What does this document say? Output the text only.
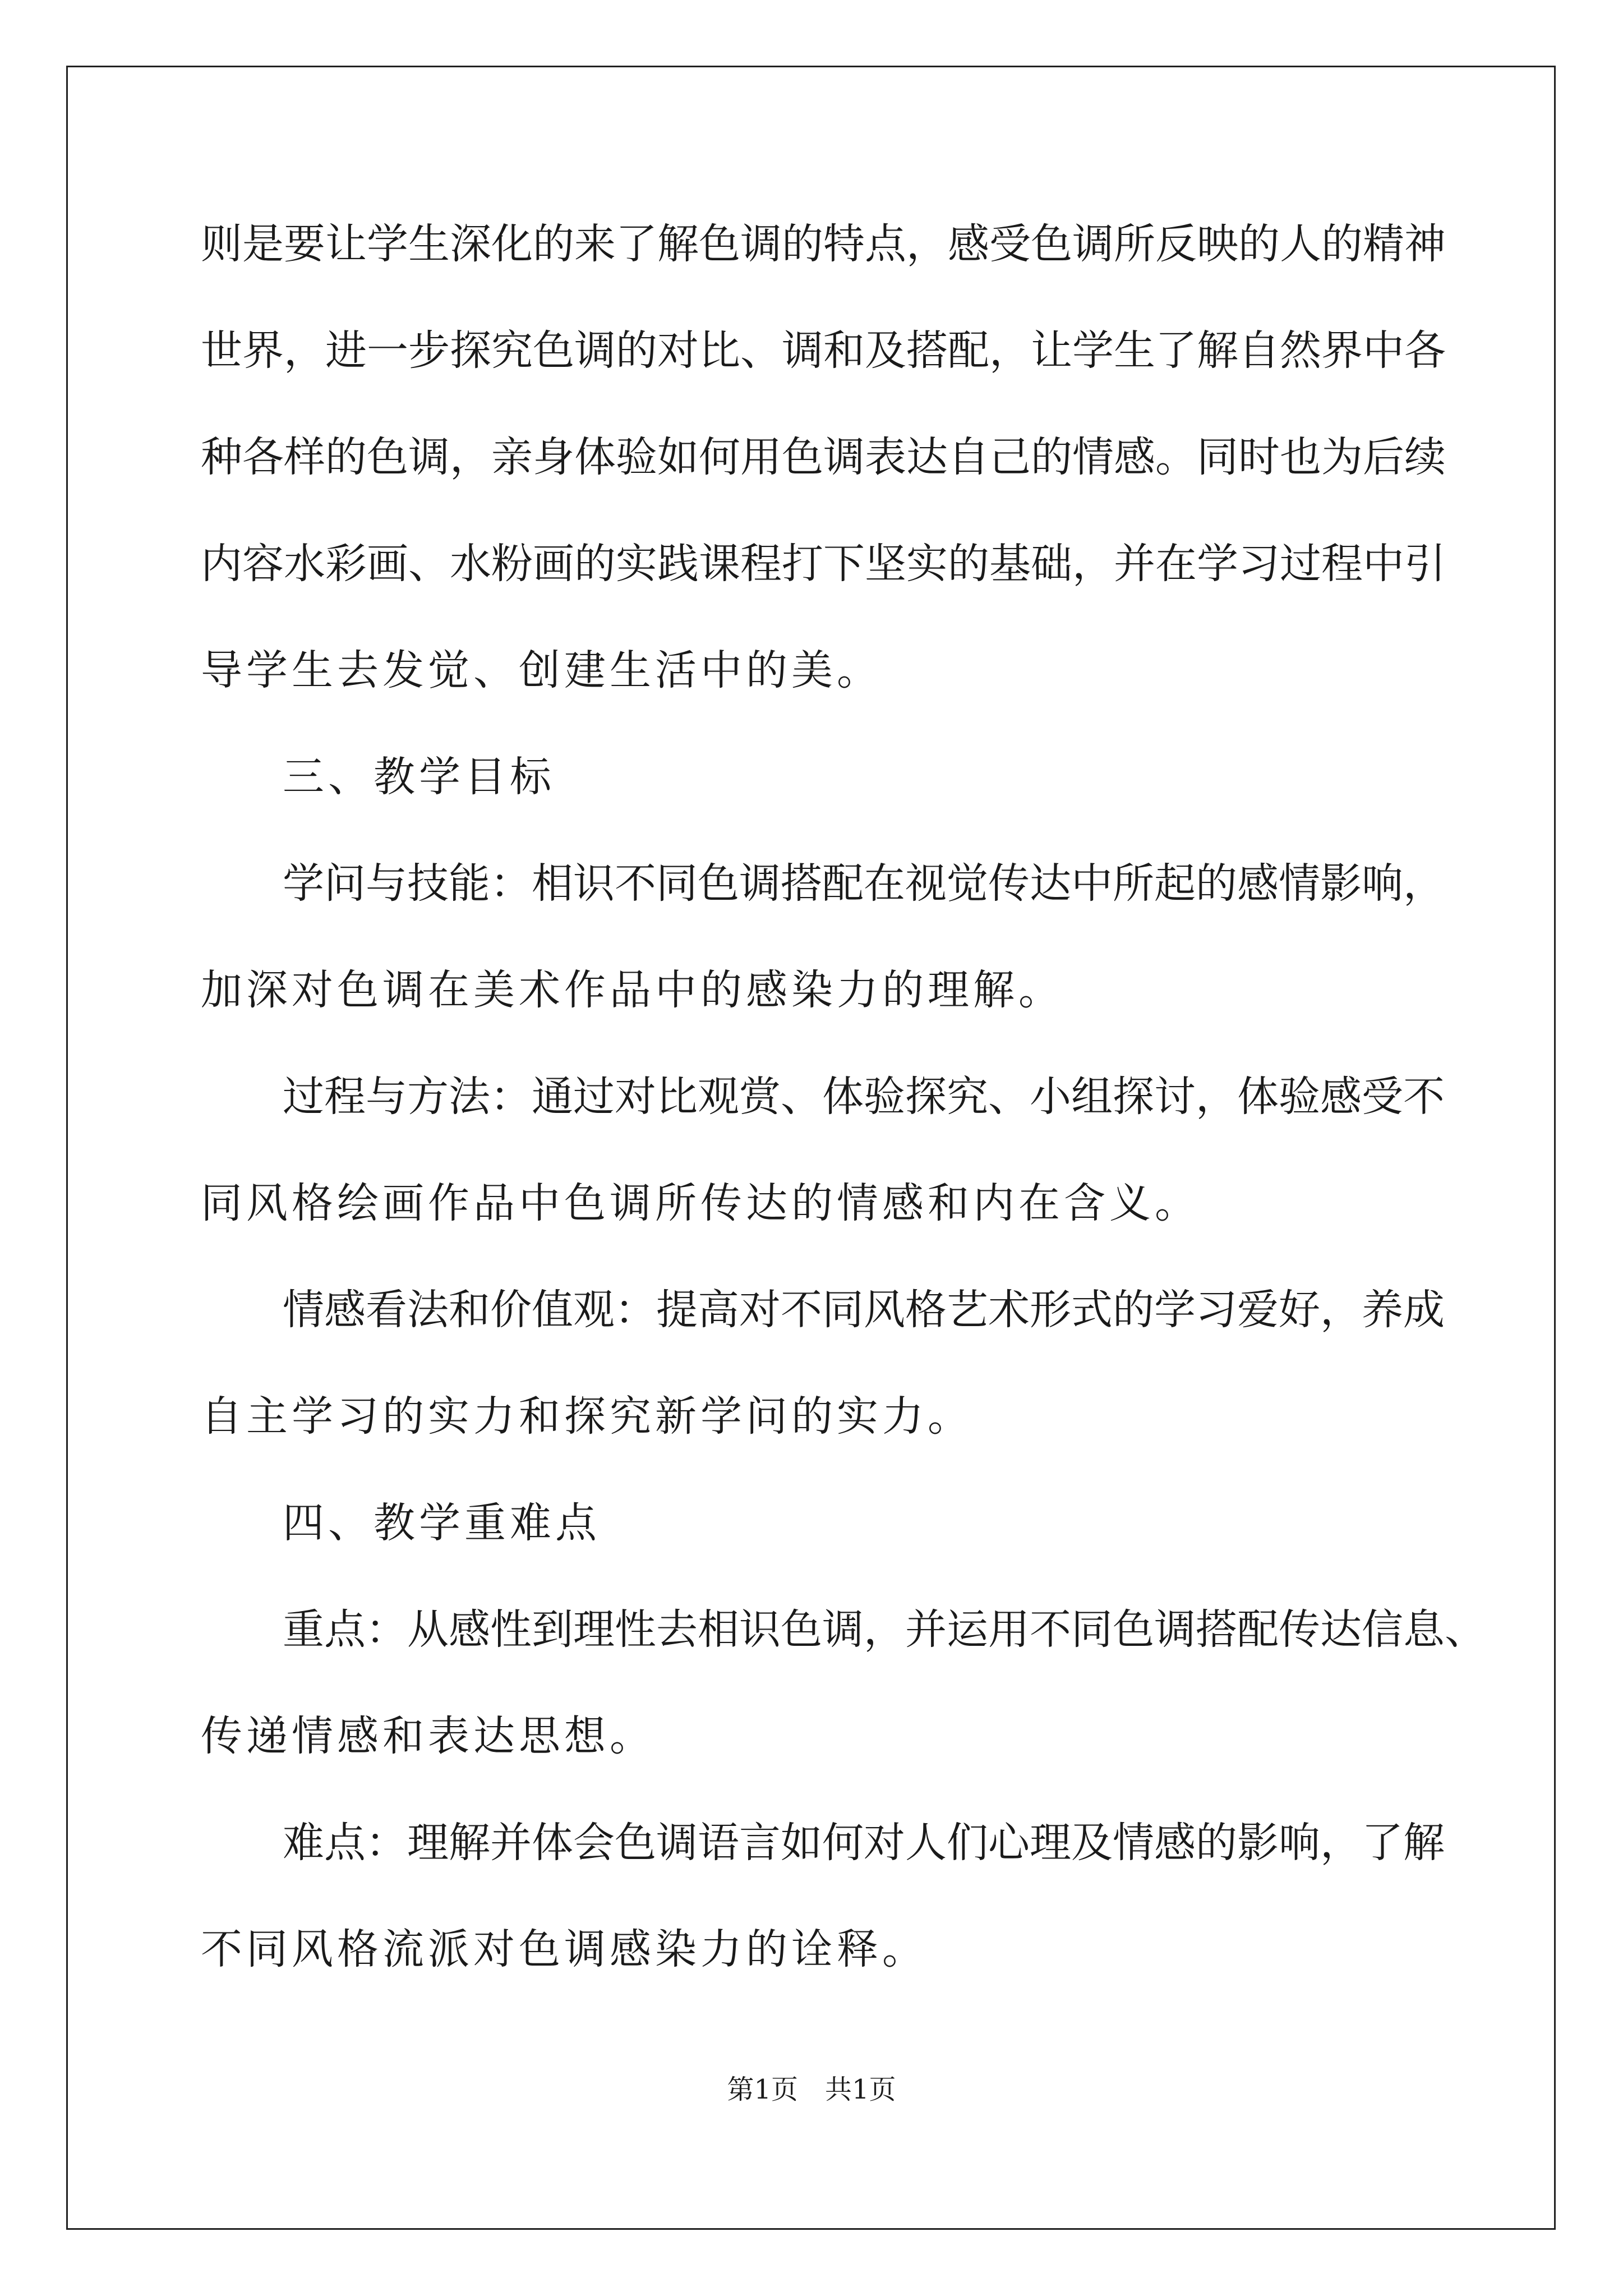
则是要让学生深化的来了解色调的特点，感受色调所反映的人的精神
世界，进一步探究色调的对比、调和及搭配，让学生了解自然界中各
种各样的色调，亲身体验如何用色调表达自己的情感。同时也为后续
内容水彩画、水粉画的实践课程打下坚实的基础，并在学习过程中引
导学生去发觉、创建生活中的美。
三、教学目标
学问与技能：相识不同色调搭配在视觉传达中所起的感情影响，
加深对色调在美术作品中的感染力的理解。
过程与方法：通过对比观赏、体验探究、小组探讨，体验感受不
同风格绘画作品中色调所传达的情感和内在含义。
情感看法和价值观：提高对不同风格艺术形式的学习爱好，养成
自主学习的实力和探究新学问的实力。
四、教学重难点
重点：从感性到理性去相识色调，并运用不同色调搭配传达信息、
传递情感和表达思想。
难点：理解并体会色调语言如何对人们心理及情感的影响，了解
不同风格流派对色调感染力的诠释。
第1页　共1页
